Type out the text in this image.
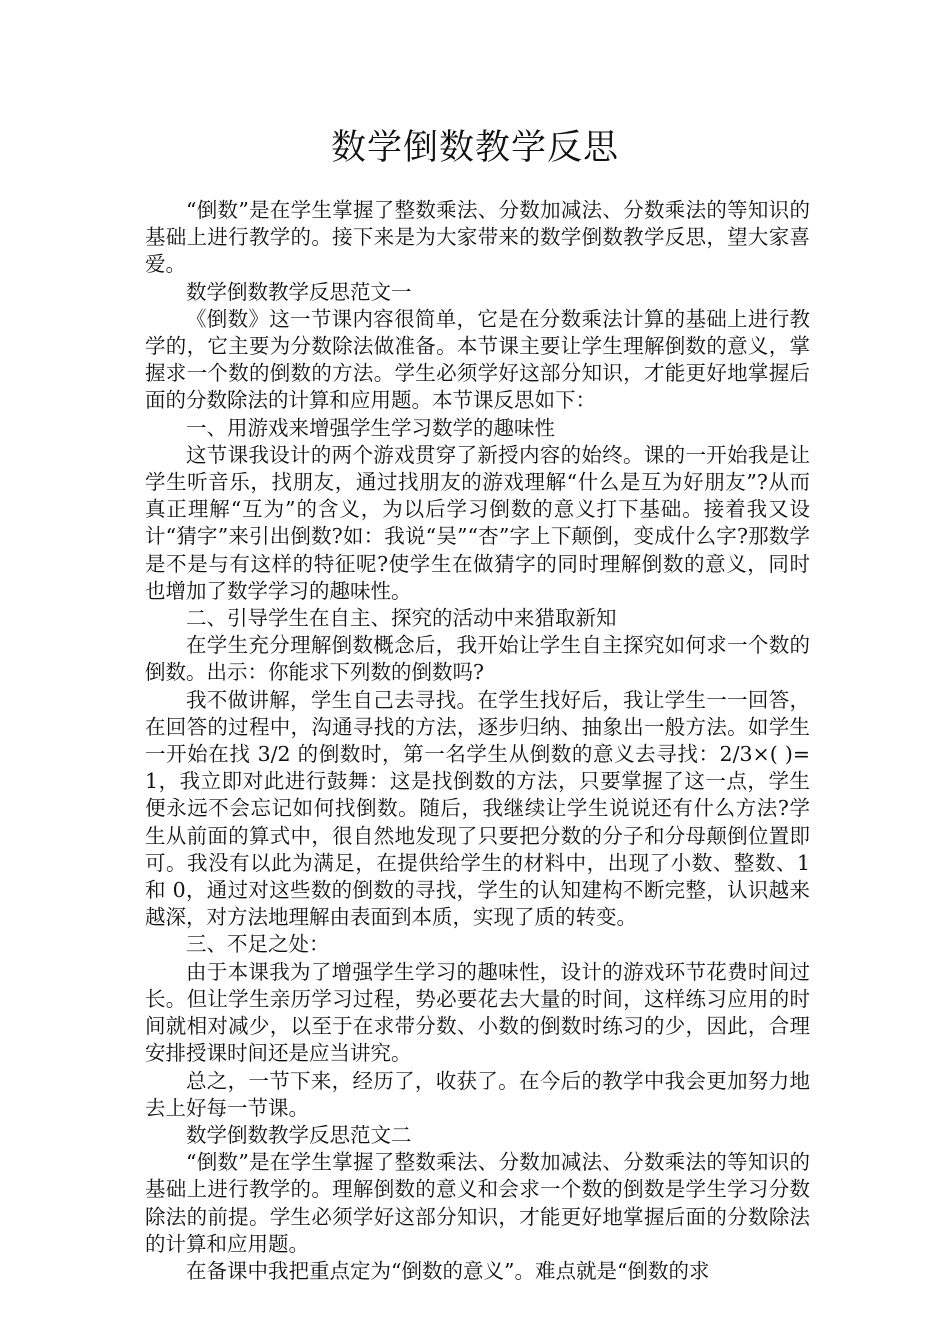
数学倒数教学反思

“倒数”是在学生掌握了整数乘法、分数加减法、分数乘法的等知识的基础上进行教学的。接下来是为大家带来的数学倒数教学反思，望大家喜爱。

数学倒数教学反思范文一

《倒数》这一节课内容很简单，它是在分数乘法计算的基础上进行教学的，它主要为分数除法做准备。本节课主要让学生理解倒数的意义，掌握求一个数的倒数的方法。学生必须学好这部分知识，才能更好地掌握后面的分数除法的计算和应用题。本节课反思如下：

一、用游戏来增强学生学习数学的趣味性

这节课我设计的两个游戏贯穿了新授内容的始终。课的一开始我是让学生听音乐，找朋友，通过找朋友的游戏理解“什么是互为好朋友”?从而真正理解“互为”的含义，为以后学习倒数的意义打下基础。接着我又设计“猜字”来引出倒数?如：我说“吴”“杏”字上下颠倒，变成什么字?那数学是不是与有这样的特征呢?使学生在做猜字的同时理解倒数的意义，同时也增加了数学学习的趣味性。

二、引导学生在自主、探究的活动中来猎取新知

在学生充分理解倒数概念后，我开始让学生自主探究如何求一个数的倒数。出示：你能求下列数的倒数吗?

我不做讲解，学生自己去寻找。在学生找好后，我让学生一一回答，在回答的过程中，沟通寻找的方法，逐步归纳、抽象出一般方法。如学生一开始在找 3/2 的倒数时，第一名学生从倒数的意义去寻找：2/3×( )=1，我立即对此进行鼓舞：这是找倒数的方法，只要掌握了这一点，学生便永远不会忘记如何找倒数。随后，我继续让学生说说还有什么方法?学生从前面的算式中，很自然地发现了只要把分数的分子和分母颠倒位置即可。我没有以此为满足，在提供给学生的材料中，出现了小数、整数、1 和 0，通过对这些数的倒数的寻找，学生的认知建构不断完整，认识越来越深，对方法地理解由表面到本质，实现了质的转变。

三、不足之处：

由于本课我为了增强学生学习的趣味性，设计的游戏环节花费时间过长。但让学生亲历学习过程，势必要花去大量的时间，这样练习应用的时间就相对减少，以至于在求带分数、小数的倒数时练习的少，因此，合理安排授课时间还是应当讲究。

总之，一节下来，经历了，收获了。在今后的教学中我会更加努力地去上好每一节课。

数学倒数教学反思范文二

“倒数”是在学生掌握了整数乘法、分数加减法、分数乘法的等知识的基础上进行教学的。理解倒数的意义和会求一个数的倒数是学生学习分数除法的前提。学生必须学好这部分知识，才能更好地掌握后面的分数除法的计算和应用题。

在备课中我把重点定为“倒数的意义”。难点就是“倒数的求
